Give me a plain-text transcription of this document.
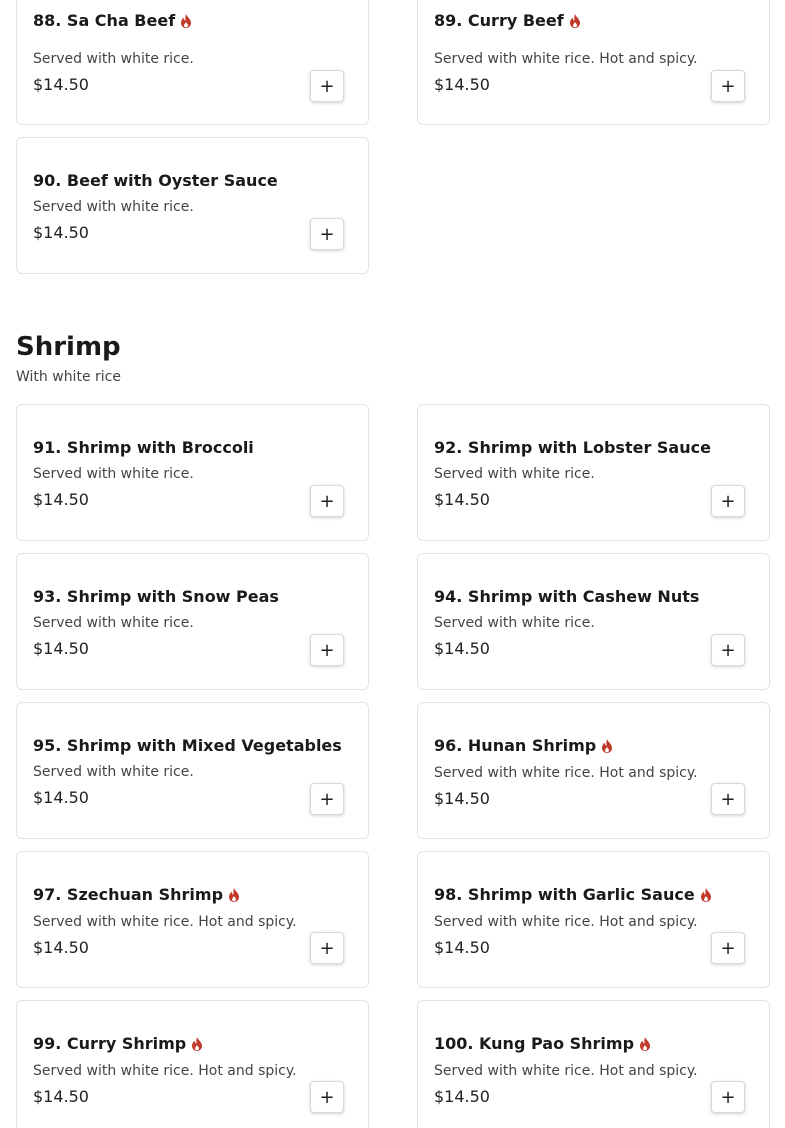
88. Sa Cha Beef
Served with white rice.
$14.50	+
89. Curry Beef
Served with white rice. Hot and spicy.
$14.50	+
90. Beef with Oyster Sauce
Served with white rice.
$14.50	+
Shrimp
With white rice
91. Shrimp with Broccoli
Served with white rice.
$14.50	+
92. Shrimp with Lobster Sauce
Served with white rice.
$14.50	+
93. Shrimp with Snow Peas
Served with white rice.
$14.50	+
94. Shrimp with Cashew Nuts
Served with white rice.
$14.50	+
95. Shrimp with Mixed Vegetables
Served with white rice.
$14.50	+
96. Hunan Shrimp
Served with white rice. Hot and spicy.
$14.50	+
97. Szechuan Shrimp
Served with white rice. Hot and spicy.
$14.50	+
98. Shrimp with Garlic Sauce
Served with white rice. Hot and spicy.
$14.50	+
99. Curry Shrimp
Served with white rice. Hot and spicy.
$14.50	+
100. Kung Pao Shrimp
Served with white rice. Hot and spicy.
$14.50	+
